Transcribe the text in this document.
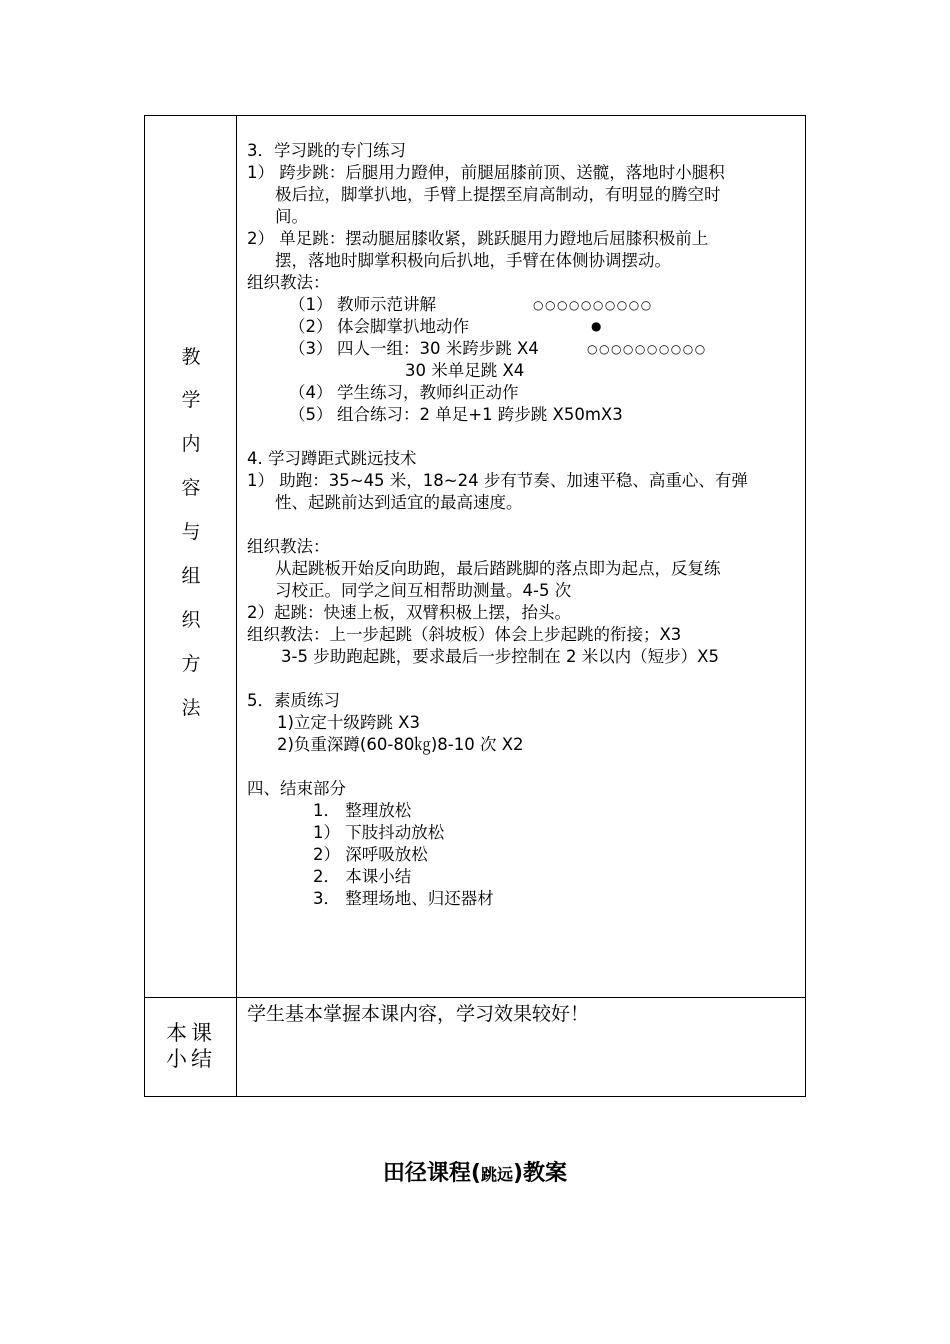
教
学
内
容
与
组
织
方
法
3．学习跳的专门练习
1） 跨步跳：后腿用力蹬伸，前腿屈膝前顶、送髋，落地时小腿积
极后拉，脚掌扒地，手臂上提摆至肩高制动，有明显的腾空时
间。
2） 单足跳：摆动腿屈膝收紧，跳跃腿用力蹬地后屈膝积极前上
摆，落地时脚掌积极向后扒地，手臂在体侧协调摆动。
组织教法：
（1） 教师示范讲解	○○○○○○○○○○
（2） 体会脚掌扒地动作	●
（3） 四人一组：30 米跨步跳 X4	○○○○○○○○○○
30 米单足跳 X4
（4） 学生练习，教师纠正动作
（5） 组合练习：2 单足+1 跨步跳 X50mX3
4. 学习蹲距式跳远技术
1） 助跑：35~45 米，18~24 步有节奏、加速平稳、高重心、有弹
性、起跳前达到适宜的最高速度。
组织教法：
从起跳板开始反向助跑，最后踏跳脚的落点即为起点，反复练
习校正。同学之间互相帮助测量。4-5 次
2）起跳：快速上板，双臂积极上摆，抬头。
组织教法：上一步起跳（斜坡板）体会上步起跳的衔接；X3
3-5 步助跑起跳，要求最后一步控制在 2 米以内（短步）X5
5．素质练习
1)立定十级跨跳 X3
2)负重深蹲(60-80㎏)8-10 次 X2
四、结束部分
1． 整理放松
1） 下肢抖动放松
2） 深呼吸放松
2． 本课小结
3． 整理场地、归还器材
本课
小结
学生基本掌握本课内容，学习效果较好！
田径课程(跳远)教案
